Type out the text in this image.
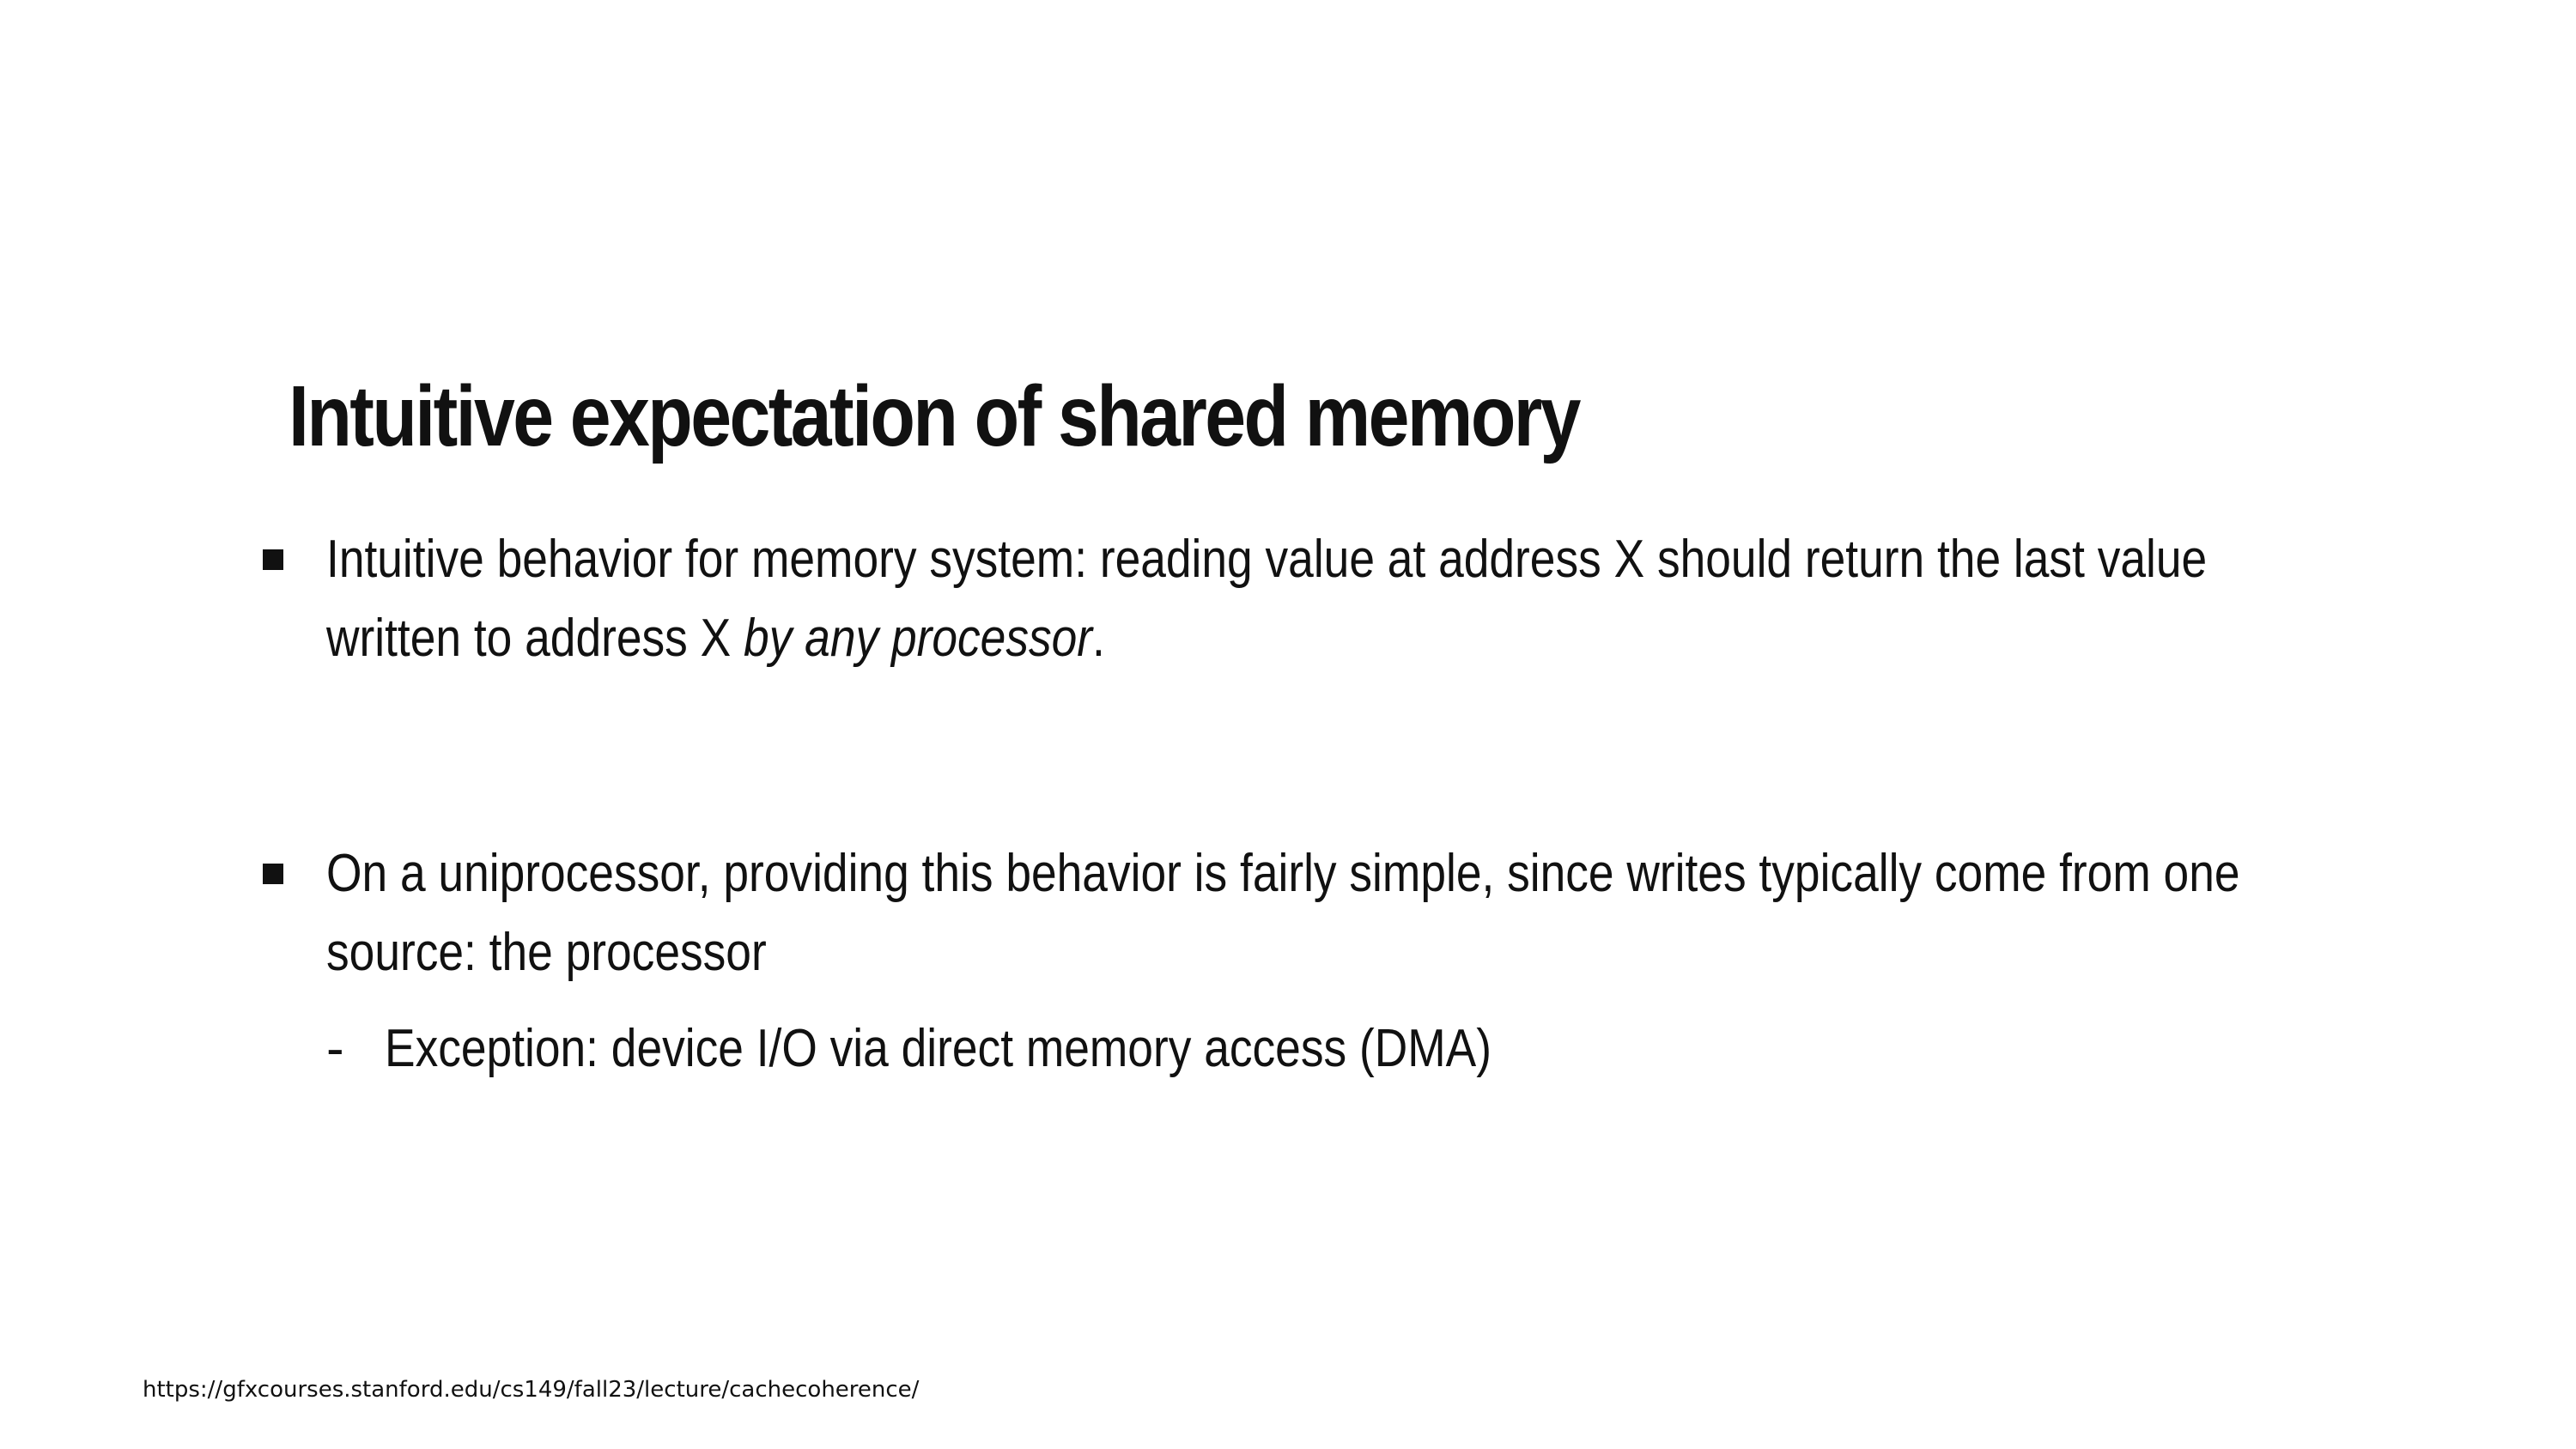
Intuitive expectation of shared memory
Intuitive behavior for memory system: reading value at address X should return the last value
written to address X by any processor.
On a uniprocessor, providing this behavior is fairly simple, since writes typically come from one
source: the processor
- Exception: device I/O via direct memory access (DMA)
https://gfxcourses.stanford.edu/cs149/fall23/lecture/cachecoherence/
